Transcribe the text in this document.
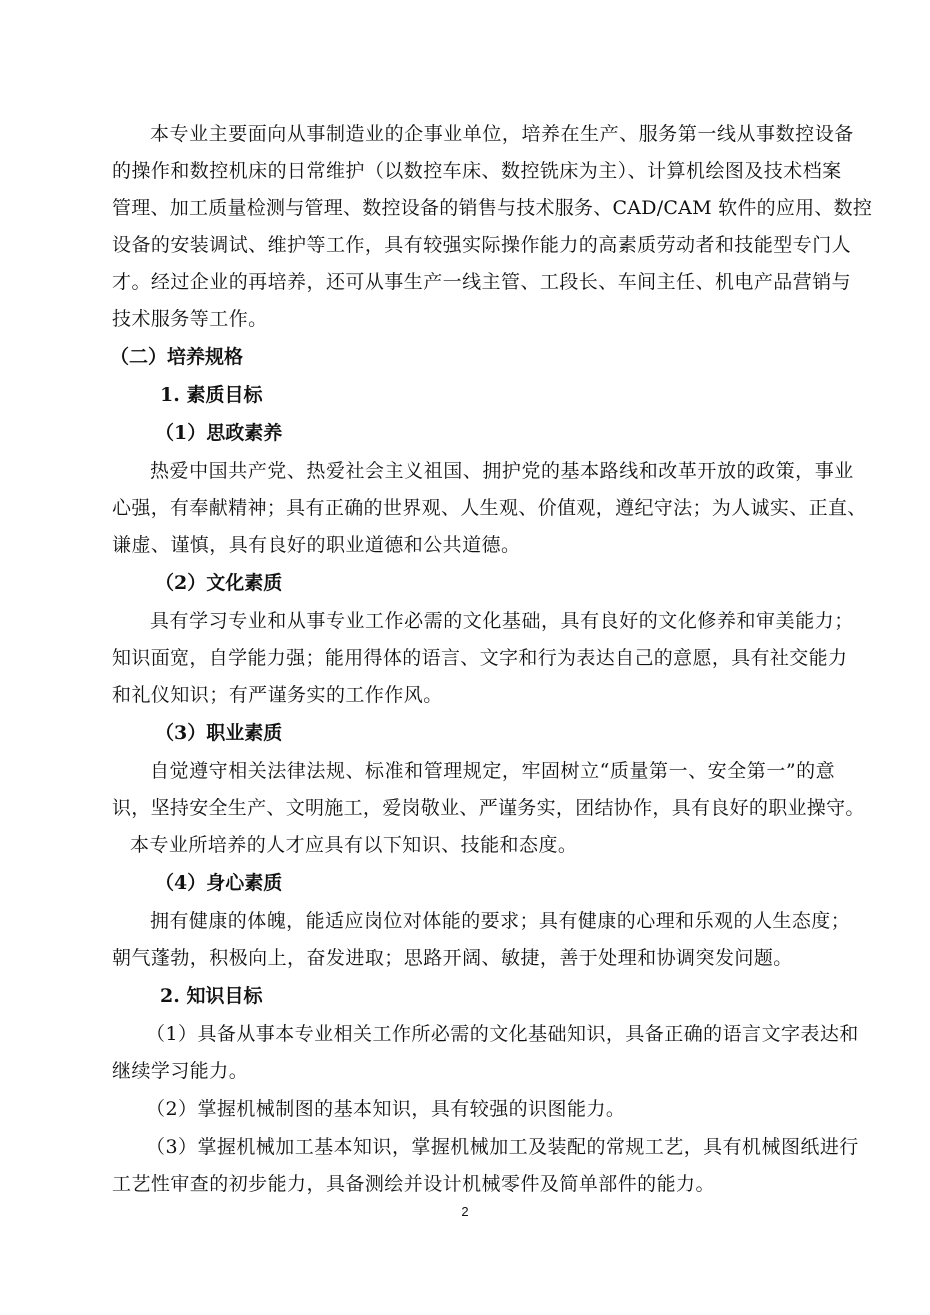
本专业主要面向从事制造业的企事业单位，培养在生产、服务第一线从事数控设备
的操作和数控机床的日常维护（以数控车床、数控铣床为主）、计算机绘图及技术档案
管理、加工质量检测与管理、数控设备的销售与技术服务、CAD/CAM 软件的应用、数控
设备的安装调试、维护等工作，具有较强实际操作能力的高素质劳动者和技能型专门人
才。经过企业的再培养，还可从事生产一线主管、工段长、车间主任、机电产品营销与
技术服务等工作。
（二）培养规格
1. 素质目标
（1）思政素养
热爱中国共产党、热爱社会主义祖国、拥护党的基本路线和改革开放的政策，事业
心强，有奉献精神；具有正确的世界观、人生观、价值观，遵纪守法；为人诚实、正直、
谦虚、谨慎，具有良好的职业道德和公共道德。
（2）文化素质
具有学习专业和从事专业工作必需的文化基础，具有良好的文化修养和审美能力；
知识面宽，自学能力强；能用得体的语言、文字和行为表达自己的意愿，具有社交能力
和礼仪知识；有严谨务实的工作作风。
（3）职业素质
自觉遵守相关法律法规、标准和管理规定，牢固树立“质量第一、安全第一”的意
识，坚持安全生产、文明施工，爱岗敬业、严谨务实，团结协作，具有良好的职业操守。
本专业所培养的人才应具有以下知识、技能和态度。
（4）身心素质
拥有健康的体魄，能适应岗位对体能的要求；具有健康的心理和乐观的人生态度；
朝气蓬勃，积极向上，奋发进取；思路开阔、敏捷，善于处理和协调突发问题。
2. 知识目标
（1）具备从事本专业相关工作所必需的文化基础知识，具备正确的语言文字表达和
继续学习能力。
（2）掌握机械制图的基本知识，具有较强的识图能力。
（3）掌握机械加工基本知识，掌握机械加工及装配的常规工艺，具有机械图纸进行
工艺性审查的初步能力，具备测绘并设计机械零件及简单部件的能力。
2
